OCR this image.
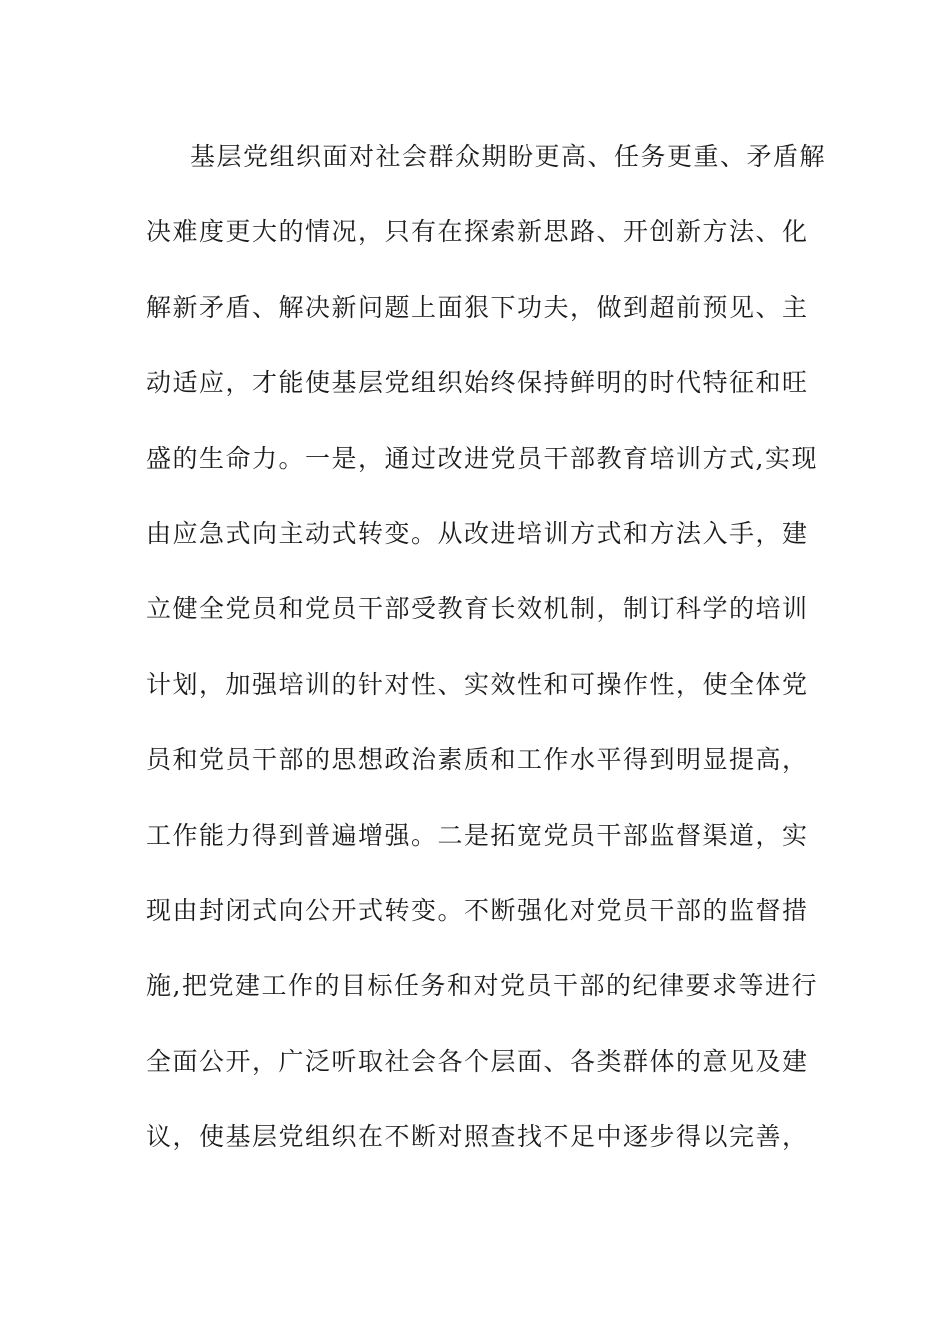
基层党组织面对社会群众期盼更高、任务更重、矛盾解
决难度更大的情况，只有在探索新思路、开创新方法、化
解新矛盾、解决新问题上面狠下功夫，做到超前预见、主
动适应，才能使基层党组织始终保持鲜明的时代特征和旺
盛的生命力。一是，通过改进党员干部教育培训方式,实现
由应急式向主动式转变。从改进培训方式和方法入手，建
立健全党员和党员干部受教育长效机制，制订科学的培训
计划，加强培训的针对性、实效性和可操作性，使全体党
员和党员干部的思想政治素质和工作水平得到明显提高，
工作能力得到普遍增强。二是拓宽党员干部监督渠道，实
现由封闭式向公开式转变。不断强化对党员干部的监督措
施,把党建工作的目标任务和对党员干部的纪律要求等进行
全面公开，广泛听取社会各个层面、各类群体的意见及建
议，使基层党组织在不断对照查找不足中逐步得以完善，
